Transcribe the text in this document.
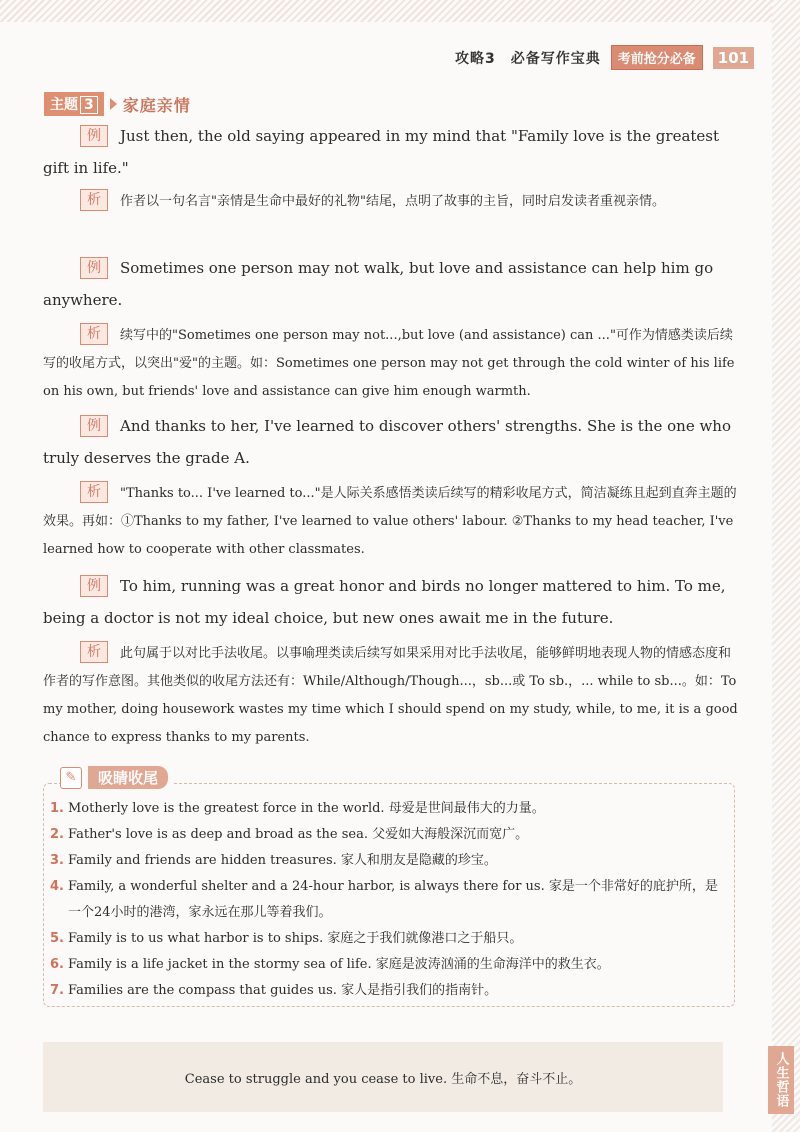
攻略3　必备写作宝典	考前抢分必备	101
主题 3	家庭亲情
例 Just then, the old saying appeared in my mind that "Family love is the greatest gift in life."
析 作者以一句名言"亲情是生命中最好的礼物"结尾，点明了故事的主旨，同时启发读者重视亲情。
例 Sometimes one person may not walk, but love and assistance can help him go anywhere.
析 续写中的"Sometimes one person may not...,but love (and assistance) can ..."可作为情感类读后续写的收尾方式，以突出"爱"的主题。如：Sometimes one person may not get through the cold winter of his life on his own, but friends' love and assistance can give him enough warmth.
例 And thanks to her, I've learned to discover others' strengths. She is the one who truly deserves the grade A.
析 "Thanks to... I've learned to..."是人际关系感悟类读后续写的精彩收尾方式，简洁凝练且起到直奔主题的效果。再如：①Thanks to my father, I've learned to value others' labour. ②Thanks to my head teacher, I've learned how to cooperate with other classmates.
例 To him, running was a great honor and birds no longer mattered to him. To me, being a doctor is not my ideal choice, but new ones await me in the future.
析 此句属于以对比手法收尾。以事喻理类读后续写如果采用对比手法收尾，能够鲜明地表现人物的情感态度和作者的写作意图。其他类似的收尾方法还有：While/Although/Though...，sb...或 To sb.，... while to sb...。如：To my mother, doing housework wastes my time which I should spend on my study, while, to me, it is a good chance to express thanks to my parents.
✎	吸睛收尾
1. Motherly love is the greatest force in the world. 母爱是世间最伟大的力量。
2. Father's love is as deep and broad as the sea. 父爱如大海般深沉而宽广。
3. Family and friends are hidden treasures. 家人和朋友是隐藏的珍宝。
4. Family, a wonderful shelter and a 24-hour harbor, is always there for us. 家是一个非常好的庇护所，是一个24小时的港湾，家永远在那儿等着我们。
5. Family is to us what harbor is to ships. 家庭之于我们就像港口之于船只。
6. Family is a life jacket in the stormy sea of life. 家庭是波涛汹涌的生命海洋中的救生衣。
7. Families are the compass that guides us. 家人是指引我们的指南针。
Cease to struggle and you cease to live. 生命不息，奋斗不止。	人生哲语
